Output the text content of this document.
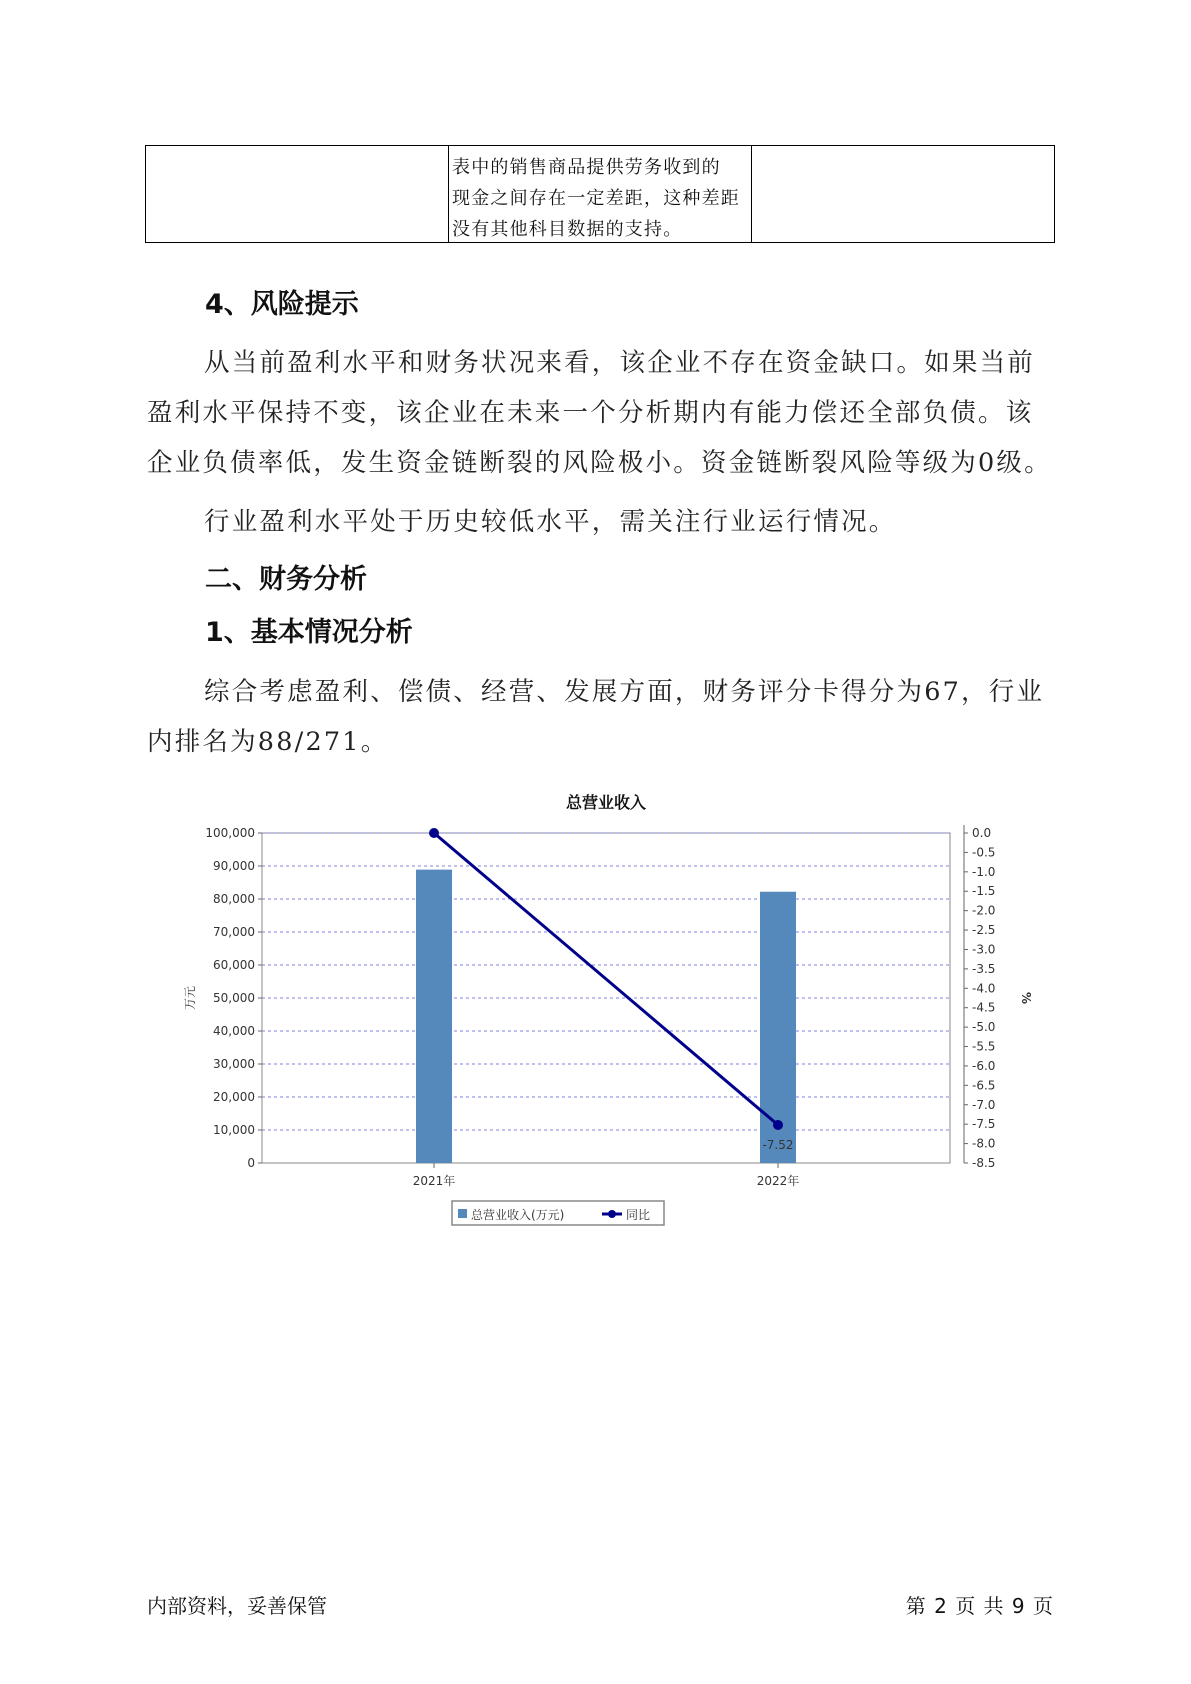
表中的销售商品提供劳务收到的
现金之间存在一定差距，这种差距
没有其他科目数据的支持。
4、风险提示

从当前盈利水平和财务状况来看，该企业不存在资金缺口。如果当前盈利水平保持不变，该企业在未来一个分析期内有能力偿还全部负债。该企业负债率低，发生资金链断裂的风险极小。资金链断裂风险等级为0级。

行业盈利水平处于历史较低水平，需关注行业运行情况。

二、财务分析
1、基本情况分析

综合考虑盈利、偿债、经营、发展方面，财务评分卡得分为67，行业内排名为88/271。

总营业收入
0
10,000
20,000
30,000
40,000
50,000
60,000
70,000
80,000
90,000
100,000
万元
0.0
-0.5
-1.0
-1.5
-2.0
-2.5
-3.0
-3.5
-4.0
-4.5
-5.0
-5.5
-6.0
-6.5
-7.0
-7.5
-8.0
-8.5
%
2021年	2022年
-7.52
总营业收入(万元)	同比
内部资料，妥善保管	第 2 页 共 9 页
